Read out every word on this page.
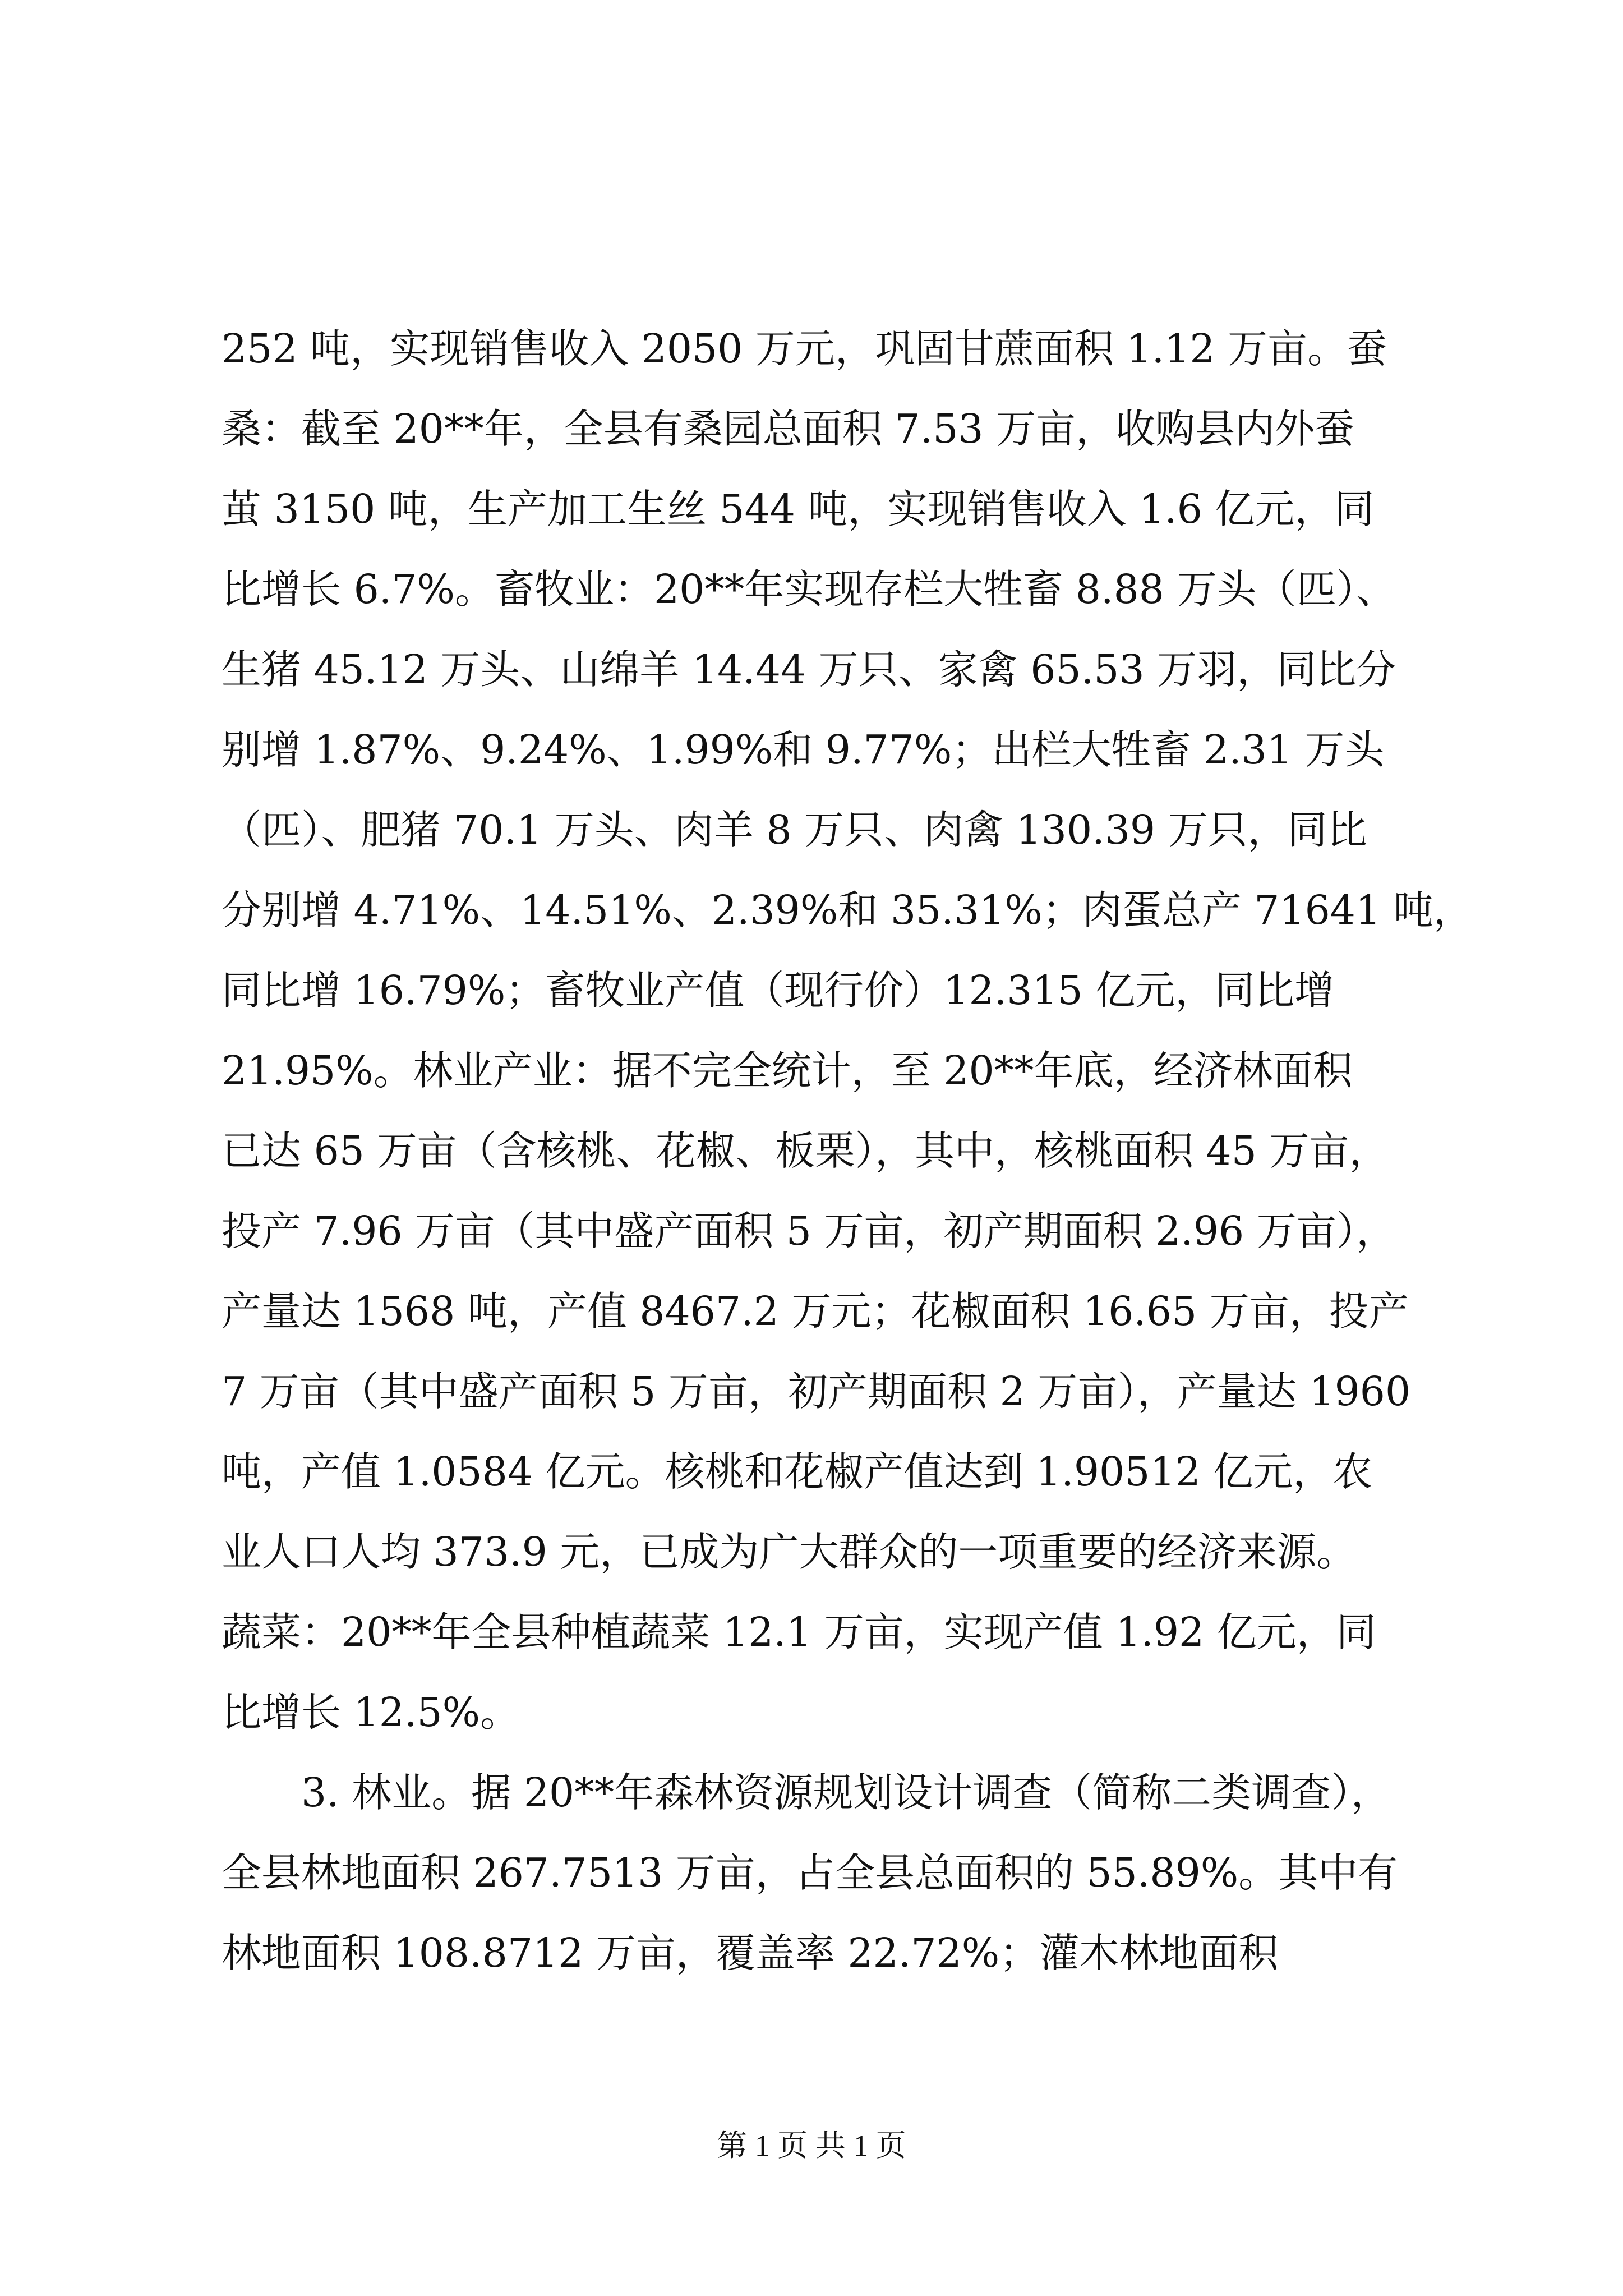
252 吨，实现销售收入 2050 万元，巩固甘蔗面积 1.12 万亩。蚕
桑：截至 20**年，全县有桑园总面积 7.53 万亩，收购县内外蚕
茧 3150 吨，生产加工生丝 544 吨，实现销售收入 1.6 亿元，同
比增长 6.7%。畜牧业：20**年实现存栏大牲畜 8.88 万头（匹）、
生猪 45.12 万头、山绵羊 14.44 万只、家禽 65.53 万羽，同比分
别增 1.87%、9.24%、1.99%和 9.77%；出栏大牲畜 2.31 万头
（匹）、肥猪 70.1 万头、肉羊 8 万只、肉禽 130.39 万只，同比
分别增 4.71%、14.51%、2.39%和 35.31%；肉蛋总产 71641 吨，
同比增 16.79%；畜牧业产值（现行价）12.315 亿元，同比增
21.95%。林业产业：据不完全统计，至 20**年底，经济林面积
已达 65 万亩（含核桃、花椒、板栗），其中，核桃面积 45 万亩，
投产 7.96 万亩（其中盛产面积 5 万亩，初产期面积 2.96 万亩），
产量达 1568 吨，产值 8467.2 万元；花椒面积 16.65 万亩，投产
7 万亩（其中盛产面积 5 万亩，初产期面积 2 万亩），产量达 1960
吨，产值 1.0584 亿元。核桃和花椒产值达到 1.90512 亿元，农
业人口人均 373.9 元，已成为广大群众的一项重要的经济来源。
蔬菜：20**年全县种植蔬菜 12.1 万亩，实现产值 1.92 亿元，同
比增长 12.5%。
　　3. 林业。据 20**年森林资源规划设计调查（简称二类调查），
全县林地面积 267.7513 万亩，占全县总面积的 55.89%。其中有
林地面积 108.8712 万亩，覆盖率 22.72%；灌木林地面积
第 1 页 共 1 页
